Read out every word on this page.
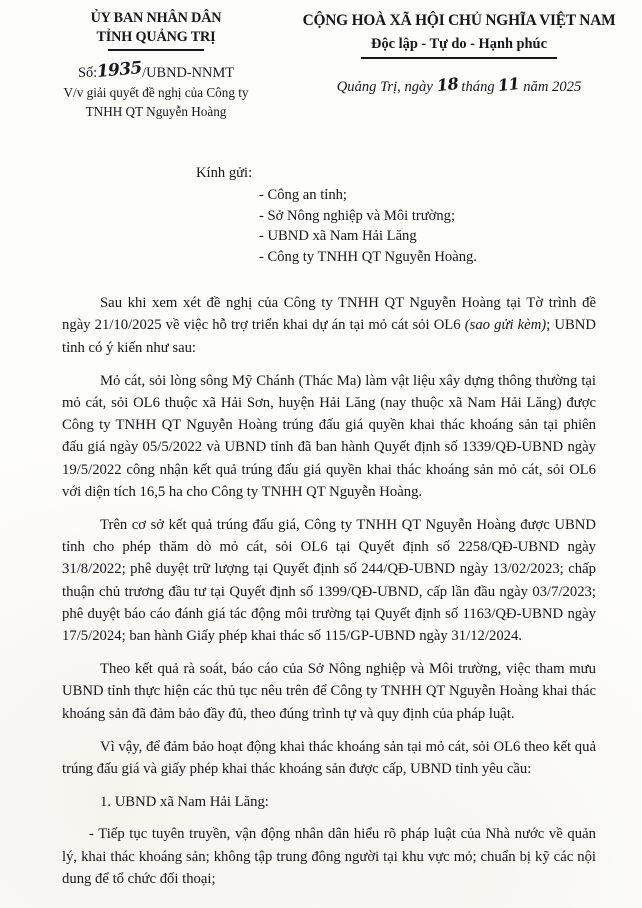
ỦY BAN NHÂN DÂN
TỈNH QUẢNG TRỊ
Số:1935/UBND-NNMT
V/v giải quyết đề nghị của Công ty
TNHH QT Nguyễn Hoàng
CỘNG HOÀ XÃ HỘI CHỦ NGHĨA VIỆT NAM
Độc lập - Tự do - Hạnh phúc
Quảng Trị, ngày 18 tháng 11 năm 2025
Kính gửi:
- Công an tỉnh;
- Sở Nông nghiệp và Môi trường;
- UBND xã Nam Hải Lăng
- Công ty TNHH QT Nguyễn Hoàng.

Sau khi xem xét đề nghị của Công ty TNHH QT Nguyễn Hoàng tại Tờ trình đề ngày 21/10/2025 về việc hỗ trợ triển khai dự án tại mỏ cát sỏi OL6 (sao gửi kèm); UBND tỉnh có ý kiến như sau:

Mỏ cát, sỏi lòng sông Mỹ Chánh (Thác Ma) làm vật liệu xây dựng thông thường tại mỏ cát, sỏi OL6 thuộc xã Hải Sơn, huyện Hải Lăng (nay thuộc xã Nam Hải Lăng) được Công ty TNHH QT Nguyễn Hoàng trúng đấu giá quyền khai thác khoáng sản tại phiên đấu giá ngày 05/5/2022 và UBND tỉnh đã ban hành Quyết định số 1339/QĐ-UBND ngày 19/5/2022 công nhận kết quả trúng đấu giá quyền khai thác khoáng sản mỏ cát, sỏi OL6 với diện tích 16,5 ha cho Công ty TNHH QT Nguyễn Hoàng.

Trên cơ sở kết quả trúng đấu giá, Công ty TNHH QT Nguyễn Hoàng được UBND tỉnh cho phép thăm dò mỏ cát, sỏi OL6 tại Quyết định số 2258/QĐ-UBND ngày 31/8/2022; phê duyệt trữ lượng tại Quyết định số 244/QĐ-UBND ngày 13/02/2023; chấp thuận chủ trương đầu tư tại Quyết định số 1399/QĐ-UBND, cấp lần đầu ngày 03/7/2023; phê duyệt báo cáo đánh giá tác động môi trường tại Quyết định số 1163/QĐ-UBND ngày 17/5/2024; ban hành Giấy phép khai thác số 115/GP-UBND ngày 31/12/2024.

Theo kết quả rà soát, báo cáo của Sở Nông nghiệp và Môi trường, việc tham mưu UBND tỉnh thực hiện các thủ tục nêu trên để Công ty TNHH QT Nguyễn Hoàng khai thác khoáng sản đã đảm bảo đầy đủ, theo đúng trình tự và quy định của pháp luật.

Vì vậy, để đảm bảo hoạt động khai thác khoáng sản tại mỏ cát, sỏi OL6 theo kết quả trúng đấu giá và giấy phép khai thác khoáng sản được cấp, UBND tỉnh yêu cầu:

1. UBND xã Nam Hải Lăng:

- Tiếp tục tuyên truyền, vận động nhân dân hiểu rõ pháp luật của Nhà nước về quản lý, khai thác khoáng sản; không tập trung đông người tại khu vực mỏ; chuẩn bị kỹ các nội dung để tổ chức đối thoại;
